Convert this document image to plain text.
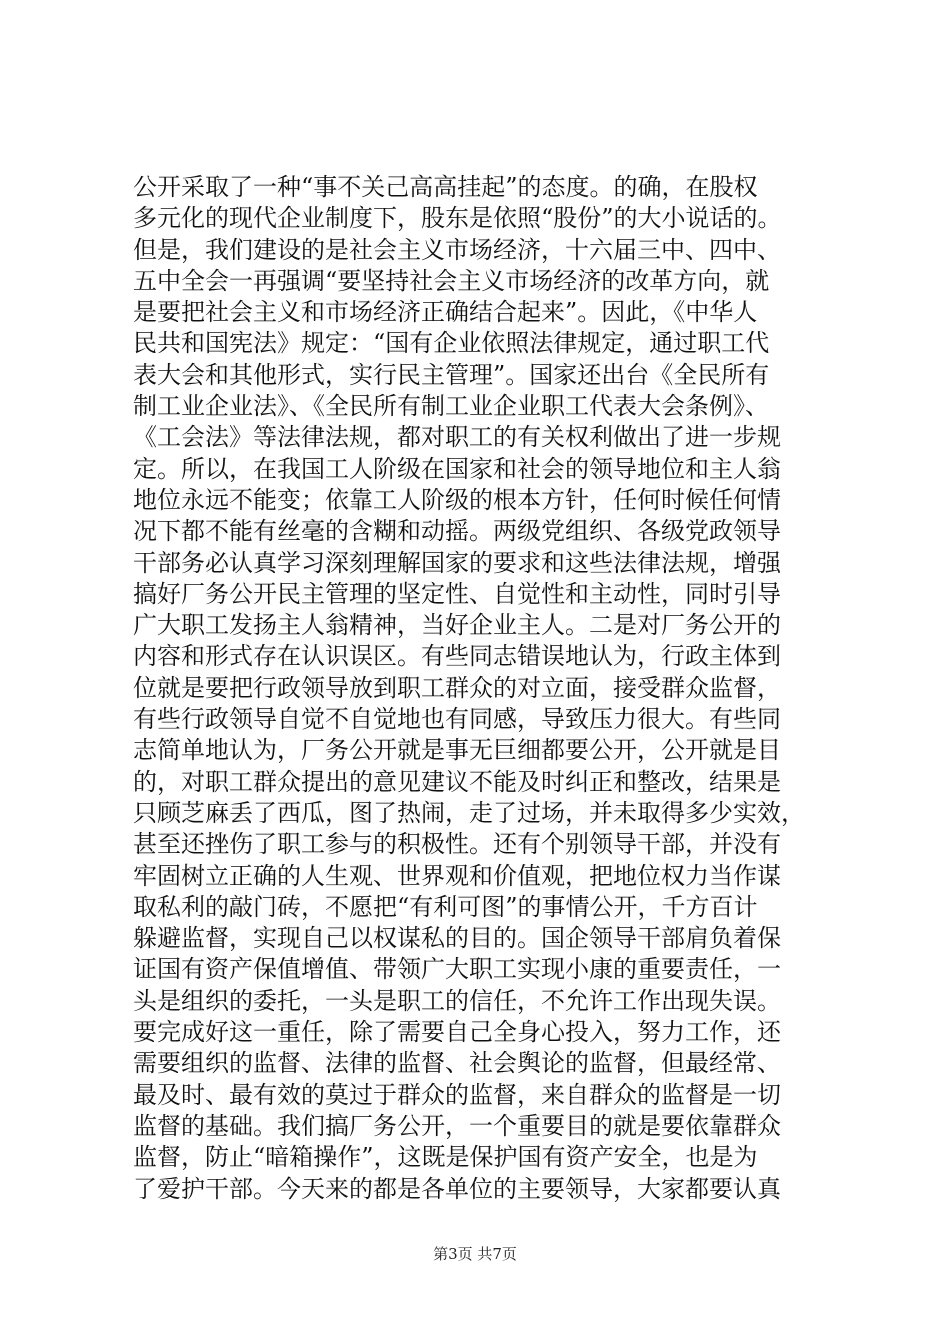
公开采取了一种“事不关己高高挂起”的态度。的确，在股权
多元化的现代企业制度下，股东是依照“股份”的大小说话的。
但是，我们建设的是社会主义市场经济，十六届三中、四中、
五中全会一再强调“要坚持社会主义市场经济的改革方向，就
是要把社会主义和市场经济正确结合起来”。因此，《中华人
民共和国宪法》规定：“国有企业依照法律规定，通过职工代
表大会和其他形式，实行民主管理”。国家还出台《全民所有
制工业企业法》、《全民所有制工业企业职工代表大会条例》、
《工会法》等法律法规，都对职工的有关权利做出了进一步规
定。所以，在我国工人阶级在国家和社会的领导地位和主人翁
地位永远不能变；依靠工人阶级的根本方针，任何时候任何情
况下都不能有丝毫的含糊和动摇。两级党组织、各级党政领导
干部务必认真学习深刻理解国家的要求和这些法律法规，增强
搞好厂务公开民主管理的坚定性、自觉性和主动性，同时引导
广大职工发扬主人翁精神，当好企业主人。二是对厂务公开的
内容和形式存在认识误区。有些同志错误地认为，行政主体到
位就是要把行政领导放到职工群众的对立面，接受群众监督，
有些行政领导自觉不自觉地也有同感，导致压力很大。有些同
志简单地认为，厂务公开就是事无巨细都要公开，公开就是目
的，对职工群众提出的意见建议不能及时纠正和整改，结果是
只顾芝麻丢了西瓜，图了热闹，走了过场，并未取得多少实效，
甚至还挫伤了职工参与的积极性。还有个别领导干部，并没有
牢固树立正确的人生观、世界观和价值观，把地位权力当作谋
取私利的敲门砖，不愿把“有利可图”的事情公开，千方百计
躲避监督，实现自己以权谋私的目的。国企领导干部肩负着保
证国有资产保值增值、带领广大职工实现小康的重要责任，一
头是组织的委托，一头是职工的信任，不允许工作出现失误。
要完成好这一重任，除了需要自己全身心投入，努力工作，还
需要组织的监督、法律的监督、社会舆论的监督，但最经常、
最及时、最有效的莫过于群众的监督，来自群众的监督是一切
监督的基础。我们搞厂务公开，一个重要目的就是要依靠群众
监督，防止“暗箱操作”，这既是保护国有资产安全，也是为
了爱护干部。今天来的都是各单位的主要领导，大家都要认真
第3页 共7页
